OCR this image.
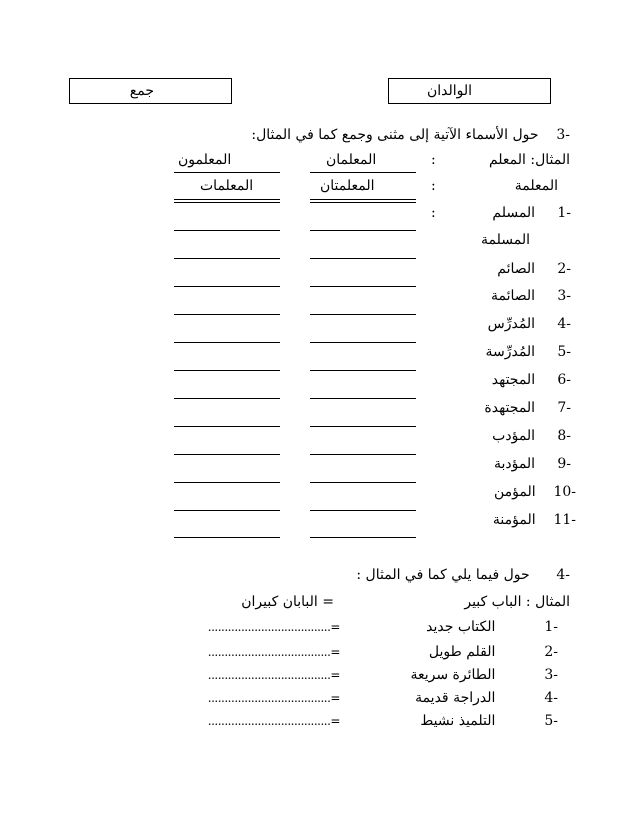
الوالدان
جمع
-3    حول الأسماء الآتية إلى مثنى وجمع كما في المثال:
المثال: المعلم
:
المعلمان
المعلمون
المعلمة
:
المعلمتان
المعلمات
-1     المسلم
:
المسلمة
-2     الصائم
-3     الصائمة
-4     المُدرِّس
-5     المُدرِّسة
-6     المجتهد
-7     المجتهدة
-8     المؤدب
-9     المؤدبة
-10    المؤمن
-11    المؤمنة
-4      حول فيما يلي كما في المثال :
المثال : الباب كبير
= البابان كبيران
-1           الكتاب جديد
=.....................................
-2           القلم طويل
=.....................................
-3           الطائرة سريعة
=.....................................
-4           الدراجة قديمة
=.....................................
-5           التلميذ نشيط
=.....................................
